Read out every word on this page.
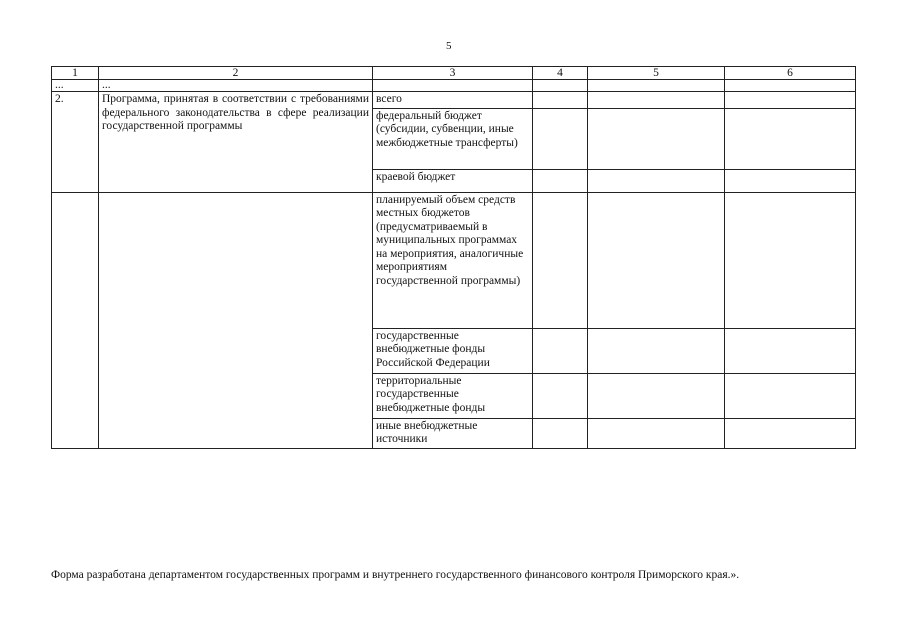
5
1	2	3	4	5	6
...	...				
2.	Программа, принятая в соответствии с требованиями федерального законодательства в сфере реализации государственной программы	всего			
		федеральный бюджет (субсидии, субвенции, иные межбюджетные трансферты)			
		краевой бюджет			
		планируемый объем средств местных бюджетов (предусматриваемый в муниципальных программах на мероприятия, аналогичные мероприятиям государственной программы)			
		государственные внебюджетные фонды Российской Федерации			
		территориальные государственные внебюджетные фонды			
		иные внебюджетные источники			
Форма разработана департаментом государственных программ и внутреннего государственного финансового контроля Приморского края.».
